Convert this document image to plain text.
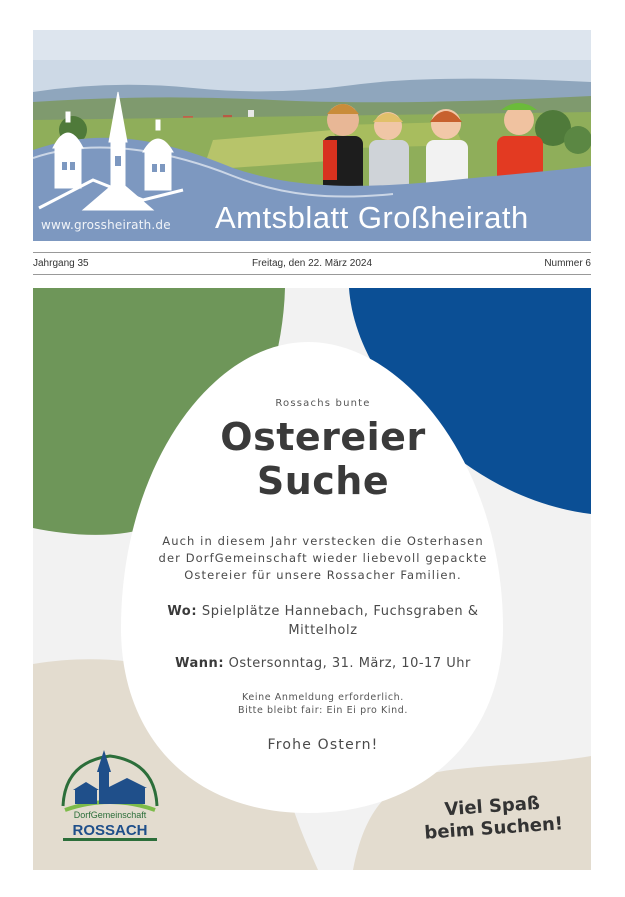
www.grossheirath.de Amtsblatt Großheirath
Jahrgang 35	Freitag, den 22. März 2024	Nummer 6
Rossachs bunte
Ostereier
Suche
Auch in diesem Jahr verstecken die Osterhasen der DorfGemeinschaft wieder liebevoll gepackte Ostereier für unsere Rossacher Familien.
Wo: Spielplätze Hannebach, Fuchsgraben & Mittelholz
Wann: Ostersonntag, 31. März, 10-17 Uhr
Keine Anmeldung erforderlich.
Bitte bleibt fair: Ein Ei pro Kind.
Frohe Ostern!
DorfGemeinschaft
ROSSACH
Viel Spaß
beim Suchen!
